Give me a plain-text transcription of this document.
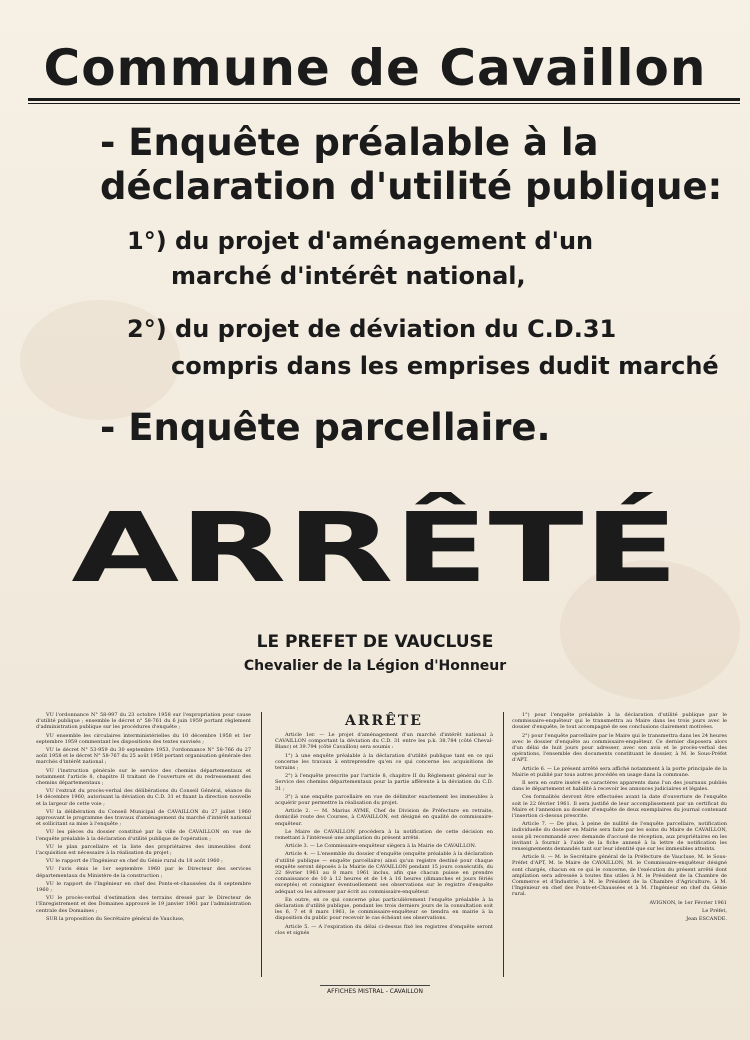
Commune de Cavaillon
- Enquête préalable à la
déclaration d'utilité publique:
1°) du projet d'aménagement d'un
marché d'intérêt national,
2°) du projet de déviation du C.D.31
compris dans les emprises dudit marché
- Enquête parcellaire.
ARRÊTÉ
LE PREFET DE VAUCLUSE
Chevalier de la Légion d'Honneur

VU l'ordonnance N° 58-997 du 23 octobre 1958 sur l'expropriation pour cause d'utilité publique ; ensemble le décret n° 58-761 du 6 juin 1959 portant règlement d'administration publique sur les procédures d'enquête ;

VU ensemble les circulaires interministérielles du 10 décembre 1958 et 1er septembre 1959 commentant les dispositions des textes susvisés ;

VU le décret N° 53-959 du 30 septembre 1953, l'ordonnance N° 58-766 du 27 août 1958 et le décret N° 58-767 du 25 août 1958 portant organisation générale des marchés d'intérêt national ;

VU l'instruction générale sur le service des chemins départementaux et notamment l'article 8, chapitre II traitant de l'ouverture et du redressement des chemins départementaux ;

VU l'extrait du procès-verbal des délibérations du Conseil Général, séance du 14 décembre 1960, autorisant la déviation du C.D. 31 et fixant la direction nouvelle et la largeur de cette voie ;

VU la délibération du Conseil Municipal de CAVAILLON du 27 juillet 1960 approuvant le programme des travaux d'aménagement du marché d'intérêt national et sollicitant sa mise à l'enquête ;

VU les pièces du dossier constitué par la ville de CAVAILLON en vue de l'enquête préalable à la déclaration d'utilité publique de l'opération ;

VU le plan parcellaire et la liste des propriétaires des immeubles dont l'acquisition est nécessaire à la réalisation du projet ;

VU le rapport de l'Ingénieur en chef du Génie rural du 18 août 1960 ;

VU l'avis émis le 1er septembre 1960 par le Directeur des services départementaux du Ministère de la construction ;

VU le rapport de l'Ingénieur en chef des Ponts-et-chaussées du 8 septembre 1960 ;

VU le procès-verbal d'estimation des terrains dressé par le Directeur de l'Enregistrement et des Domaines approuvé le 19 janvier 1961 par l'administration centrale des Domaines ;

SUR la proposition du Secrétaire général de Vaucluse,

ARRÊTE

Article 1er. — Le projet d'aménagement d'un marché d'intérêt national à CAVAILLON comportant la déviation du C.D. 31 entre les p.k. 38.784 (côté Cheval-Blanc) et 39.794 (côté Cavaillon) sera soumis :

1°) à une enquête préalable à la déclaration d'utilité publique tant en ce qui concerne les travaux à entreprendre qu'en ce qui concerne les acquisitions de terrains ;

2°) à l'enquête prescrite par l'article 8, chapitre II du Règlement général sur le Service des chemins départementaux pour la partie afférente à la déviation du C.D. 31 ;

3°) à une enquête parcellaire en vue de délimiter exactement les immeubles à acquérir pour permettre la réalisation du projet.

Article 2. — M. Marius AYME, Chef de Division de Préfecture en retraite, domicilié route des Courses, à CAVAILLON, est désigné en qualité de commissaire-enquêteur.

Le Maire de CAVAILLON procèdera à la notification de cette décision en remettant à l'intéressé une ampliation du présent arrêté.

Article 3. — Le Commissaire-enquêteur siègera à la Mairie de CAVAILLON.

Article 4. — L'ensemble du dossier d'enquête (enquête préalable à la déclaration d'utilité publique — enquête parcellaire) ainsi qu'un registre destiné pour chaque enquête seront déposés à la Mairie de CAVAILLON pendant 15 jours consécutifs, du 22 février 1961 au 8 mars 1961 inclus, afin que chacun puisse en prendre connaissance de 10 à 12 heures et de 14 à 16 heures (dimanches et jours fériés exceptés) et consigner éventuellement ses observations sur le registre d'enquête adéquat ou les adresser par écrit au commissaire-enquêteur.

En outre, en ce qui concerne plus particulièrement l'enquête préalable à la déclaration d'utilité publique, pendant les trois derniers jours de la consultation soit les 6, 7 et 8 mars 1961, le commissaire-enquêteur se tiendra en mairie à la disposition du public pour recevoir le cas échéant ses observations.

Article 5. — A l'expiration du délai ci-dessus fixé les registres d'enquête seront clos et signés

1°) pour l'enquête préalable à la déclaration d'utilité publique par le commissaire-enquêteur qui le transmettra au Maire dans les trois jours avec le dossier d'enquête, le tout accompagné de ses conclusions clairement motivées.

2°) pour l'enquête parcellaire par le Maire qui le transmettra dans les 24 heures avec le dossier d'enquête au commissaire-enquêteur. Ce dernier disposera alors d'un délai de huit jours pour adresser, avec son avis et le procès-verbal des opérations, l'ensemble des documents constituant le dossier, à M. le Sous-Préfet d'APT.

Article 6. — Le présent arrêté sera affiché notamment à la porte principale de la Mairie et publié par tous autres procédés en usage dans la commune.

Il sera en outre inséré en caractères apparents dans l'un des journaux publiés dans le département et habilité à recevoir les annonces judiciaires et légales.

Ces formalités devront être effectuées avant la date d'ouverture de l'enquête soit le 22 février 1961. Il sera justifié de leur accomplissement par un certificat du Maire et l'annexion au dossier d'enquête de deux exemplaires du journal contenant l'insertion ci-dessus prescrite.

Article 7. — De plus, à peine de nullité de l'enquête parcellaire, notification individuelle du dossier en Mairie sera faite par les soins du Maire de CAVAILLON, sous pli recommandé avec demande d'accusé de réception, aux propriétaires en les invitant à fournir à l'aide de la fiche annexé à la lettre de notification les renseignements demandés tant sur leur identité que sur les immeubles atteints.

Article 8. — M. le Secrétaire général de la Préfecture de Vaucluse, M. le Sous-Préfet d'APT, M. le Maire de CAVAILLON, M. le Commissaire-enquêteur désigné sont chargés, chacun en ce qui le concerne, de l'exécution du présent arrêté dont ampliation sera adressée à toutes fins utiles à M. le Président de la Chambre de Commerce et d'Industrie, à M. le Président de la Chambre d'Agriculture, à M. l'Ingénieur en chef des Ponts-et-Chaussées et à M. l'Ingénieur en chef du Génie rural.

AVIGNON, le 1er Février 1961

Le Préfet,

Jean ESCANDE.

AFFICHES MISTRAL - CAVAILLON
